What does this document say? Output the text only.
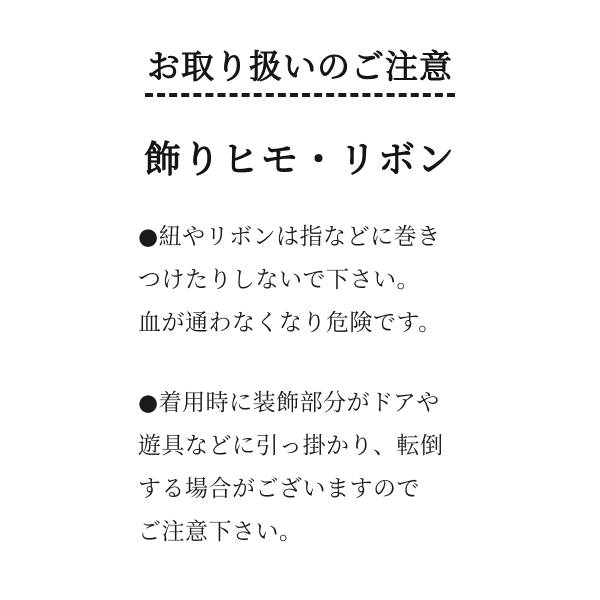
お取り扱いのご注意
飾りヒモ・リボン
●紐やリボンは指などに巻き
つけたりしないで下さい。
血が通わなくなり危険です。
●着用時に装飾部分がドアや
遊具などに引っ掛かり、転倒
する場合がございますので
ご注意下さい。
